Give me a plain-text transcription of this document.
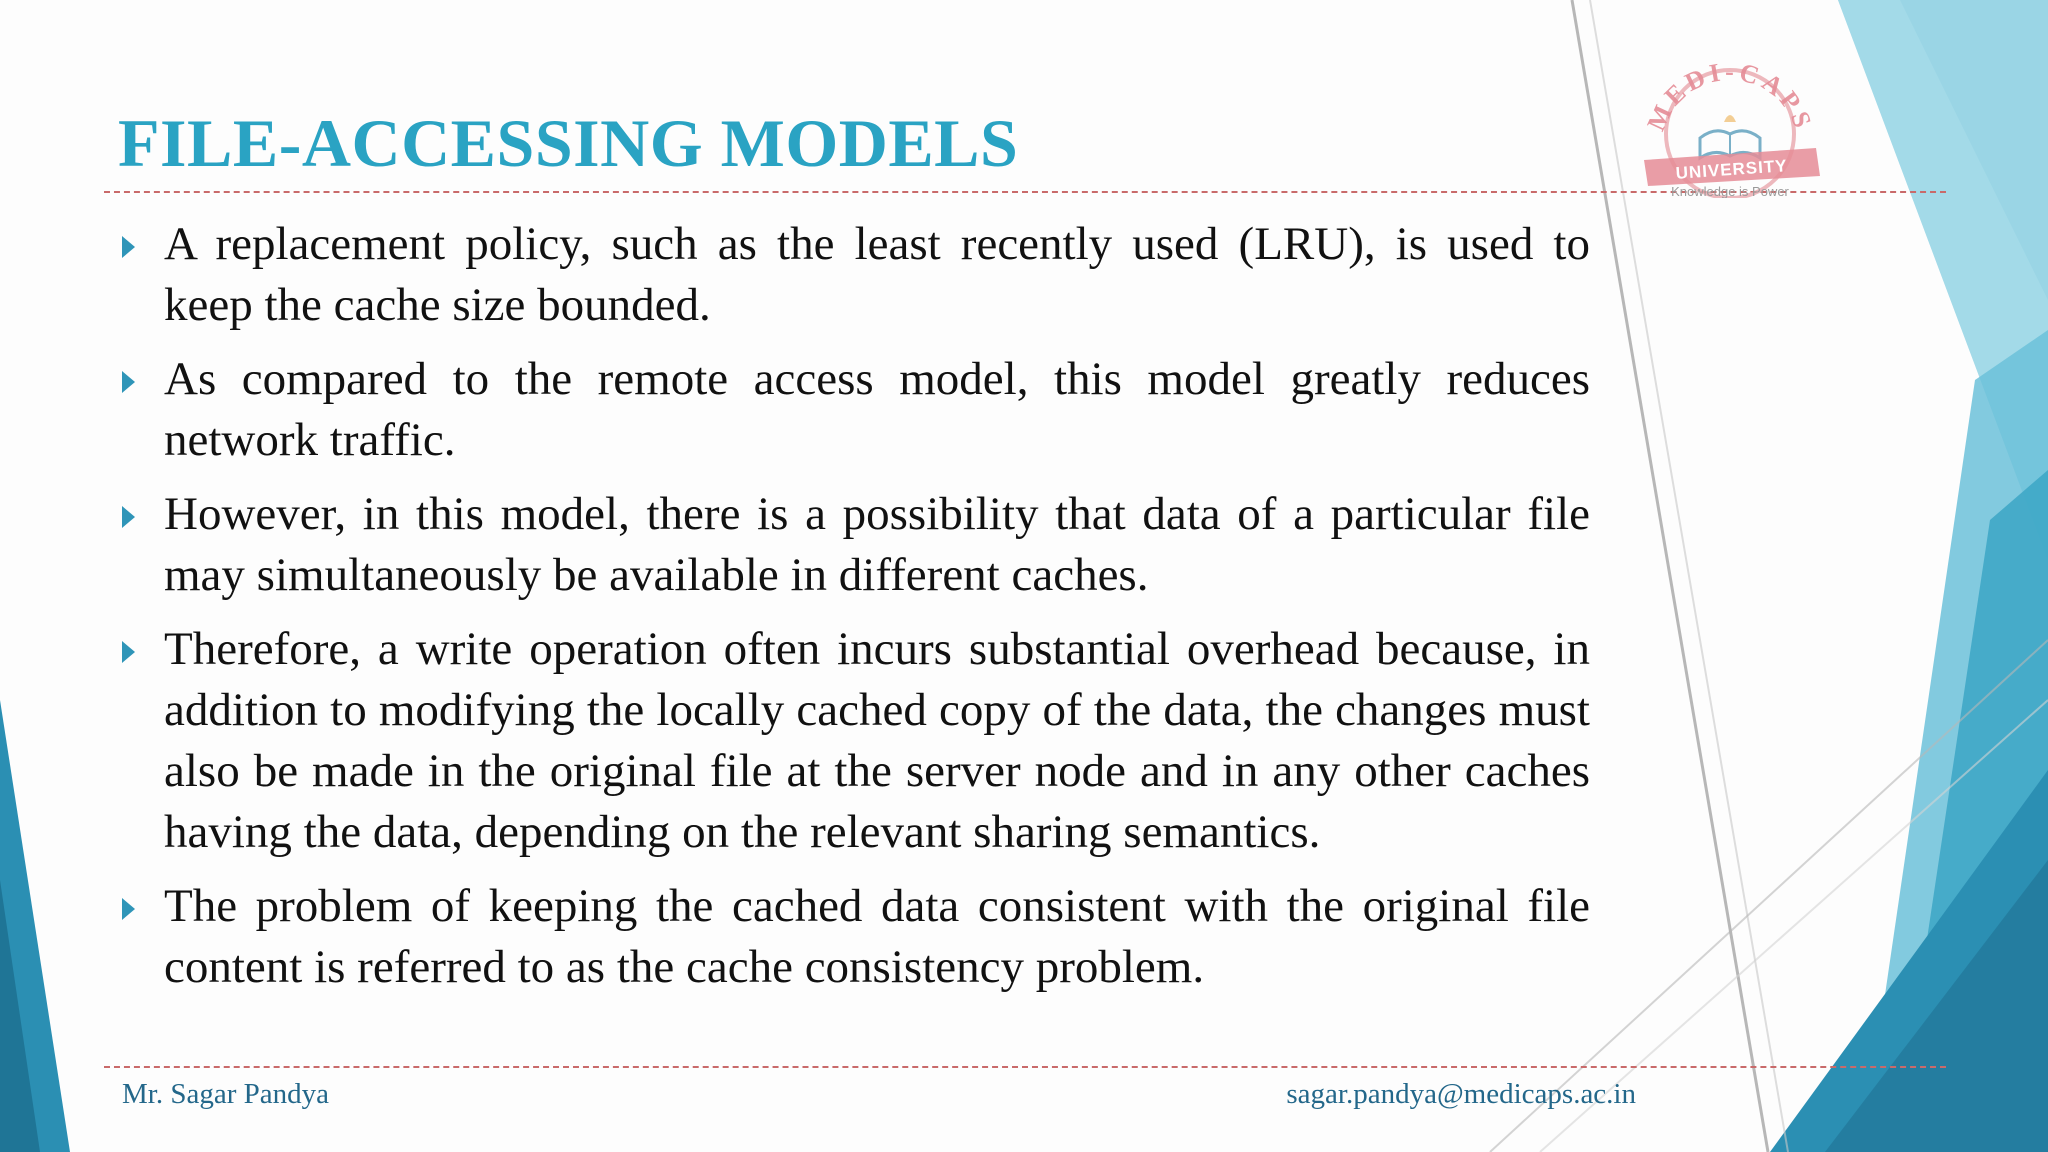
FILE-ACCESSING MODELS
A replacement policy, such as the least recently used (LRU), is used to keep the cache size bounded.
As compared to the remote access model, this model greatly reduces network traffic.
However, in this model, there is a possibility that data of a particular file may simultaneously be available in different caches.
Therefore, a write operation often incurs substantial overhead because, in addition to modifying the locally cached copy of the data, the changes must also be made in the original file at the server node and in any other caches having the data, depending on the relevant sharing semantics.
The problem of keeping the cached data consistent with the original file content is referred to as the cache consistency problem.
MEDI-CAPS
UNIVERSITY
Knowledge is Power
Mr. Sagar Pandya	sagar.pandya@medicaps.ac.in
